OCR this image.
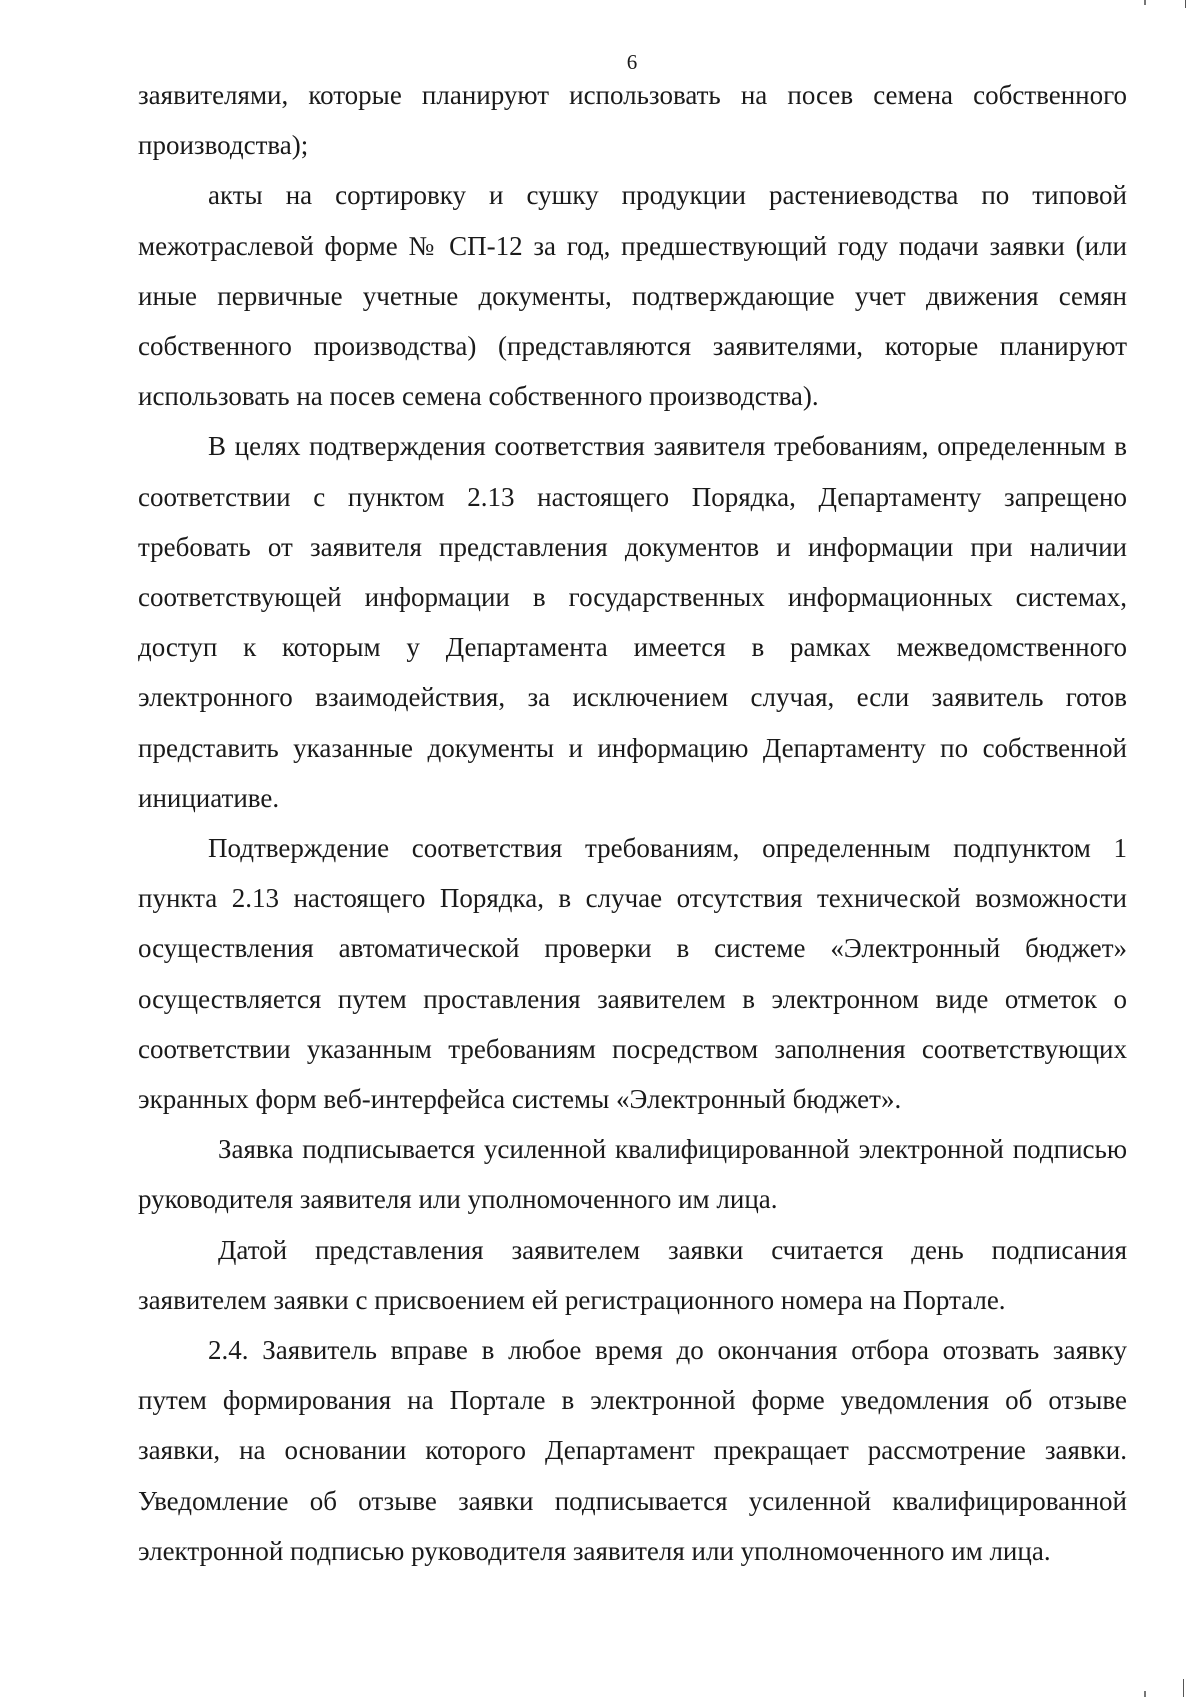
6

заявителями, которые планируют использовать на посев семена собственного производства);

акты на сортировку и сушку продукции растениеводства по типовой межотраслевой форме № СП-12 за год, предшествующий году подачи заявки (или иные первичные учетные документы, подтверждающие учет движения семян собственного производства) (представляются заявителями, которые планируют использовать на посев семена собственного производства).

В целях подтверждения соответствия заявителя требованиям, определенным в соответствии с пунктом 2.13 настоящего Порядка, Департаменту запрещено требовать от заявителя представления документов и информации при наличии соответствующей информации в государственных информационных системах, доступ к которым у Департамента имеется в рамках межведомственного электронного взаимодействия, за исключением случая, если заявитель готов представить указанные документы и информацию Департаменту по собственной инициативе.

Подтверждение соответствия требованиям, определенным подпунктом 1 пункта 2.13 настоящего Порядка, в случае отсутствия технической возможности осуществления автоматической проверки в системе «Электронный бюджет» осуществляется путем проставления заявителем в электронном виде отметок о соответствии указанным требованиям посредством заполнения соответствующих экранных форм веб-интерфейса системы «Электронный бюджет».

Заявка подписывается усиленной квалифицированной электронной подписью руководителя заявителя или уполномоченного им лица.

Датой представления заявителем заявки считается день подписания заявителем заявки с присвоением ей регистрационного номера на Портале.

2.4. Заявитель вправе в любое время до окончания отбора отозвать заявку путем формирования на Портале в электронной форме уведомления об отзыве заявки, на основании которого Департамент прекращает рассмотрение заявки. Уведомление об отзыве заявки подписывается усиленной квалифицированной электронной подписью руководителя заявителя или уполномоченного им лица.
